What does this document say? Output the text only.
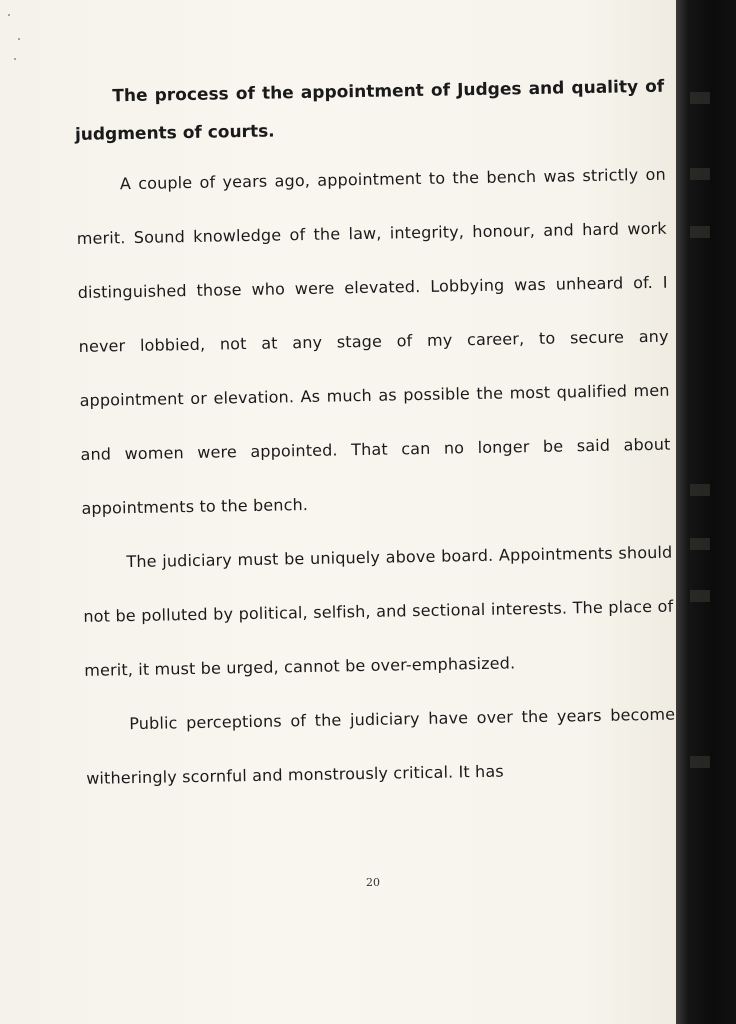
The process of the appointment of Judges and quality of judgments of courts.

A couple of years ago, appointment to the bench was strictly on merit. Sound knowledge of the law, integrity, honour, and hard work distinguished those who were elevated. Lobbying was unheard of. I never lobbied, not at any stage of my career, to secure any appointment or elevation. As much as possible the most qualified men and women were appointed. That can no longer be said about appointments to the bench.

The judiciary must be uniquely above board. Appointments should not be polluted by political, selfish, and sectional interests. The place of merit, it must be urged, cannot be over-emphasized.

Public perceptions of the judiciary have over the years become witheringly scornful and monstrously critical. It has

20
